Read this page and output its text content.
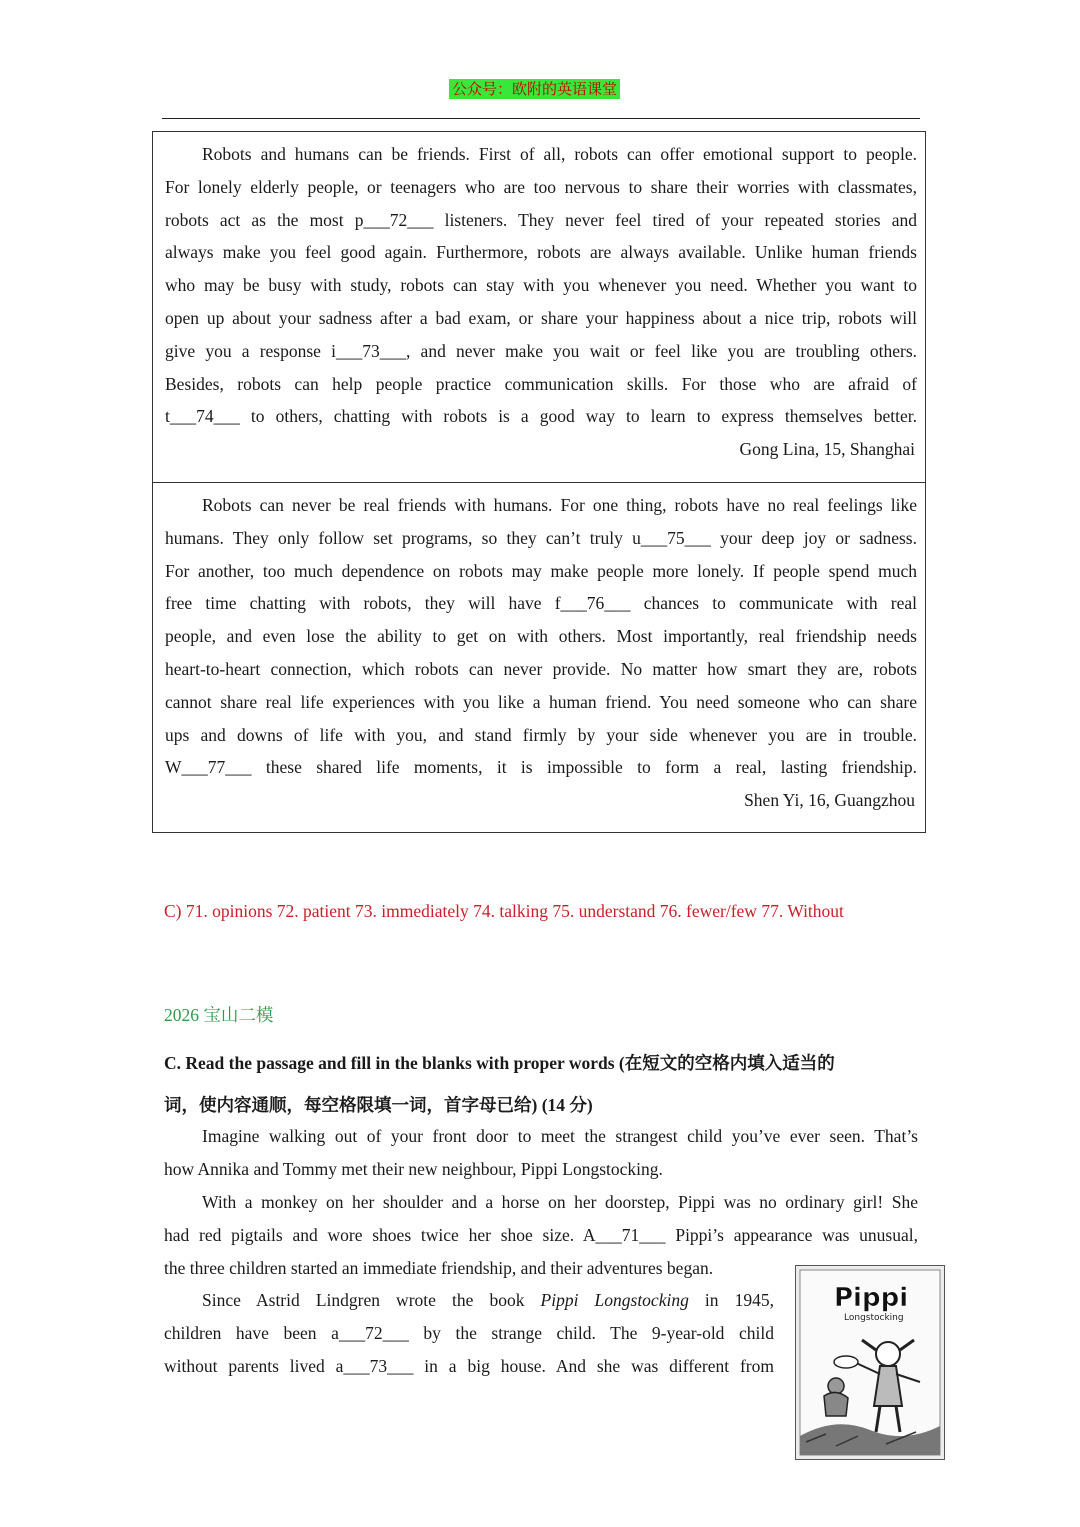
公众号：欧附的英语课堂
Robots and humans can be friends. First of all, robots can offer emotional support to people.
For lonely elderly people, or teenagers who are too nervous to share their worries with classmates,
robots act as the most p___72___ listeners. They never feel tired of your repeated stories and
always make you feel good again. Furthermore, robots are always available. Unlike human friends
who may be busy with study, robots can stay with you whenever you need. Whether you want to
open up about your sadness after a bad exam, or share your happiness about a nice trip, robots will
give you a response i___73___, and never make you wait or feel like you are troubling others.
Besides, robots can help people practice communication skills. For those who are afraid of
t___74___ to others, chatting with robots is a good way to learn to express themselves better.
Gong Lina, 15, Shanghai
Robots can never be real friends with humans. For one thing, robots have no real feelings like
humans. They only follow set programs, so they can’t truly u___75___ your deep joy or sadness.
For another, too much dependence on robots may make people more lonely. If people spend much
free time chatting with robots, they will have f___76___ chances to communicate with real
people, and even lose the ability to get on with others. Most importantly, real friendship needs
heart-to-heart connection, which robots can never provide. No matter how smart they are, robots
cannot share real life experiences with you like a human friend. You need someone who can share
ups and downs of life with you, and stand firmly by your side whenever you are in trouble.
W___77___ these shared life moments, it is impossible to form a real, lasting friendship.
Shen Yi, 16, Guangzhou
C) 71. opinions 72. patient 73. immediately 74. talking 75. understand 76. fewer/few 77. Without
2026 宝山二模
C. Read the passage and fill in the blanks with proper words (在短文的空格内填入适当的
词，使内容通顺，每空格限填一词，首字母已给) (14 分)
Imagine walking out of your front door to meet the strangest child you’ve ever seen. That’s
how Annika and Tommy met their new neighbour, Pippi Longstocking.
With a monkey on her shoulder and a horse on her doorstep, Pippi was no ordinary girl! She
had red pigtails and wore shoes twice her shoe size. A___71___ Pippi’s appearance was unusual,
the three children started an immediate friendship, and their adventures began.
Since Astrid Lindgren wrote the book Pippi Longstocking in 1945,
children have been a___72___ by the strange child. The 9-year-old child
without parents lived a___73___ in a big house. And she was different from
Pippi
Longstocking
